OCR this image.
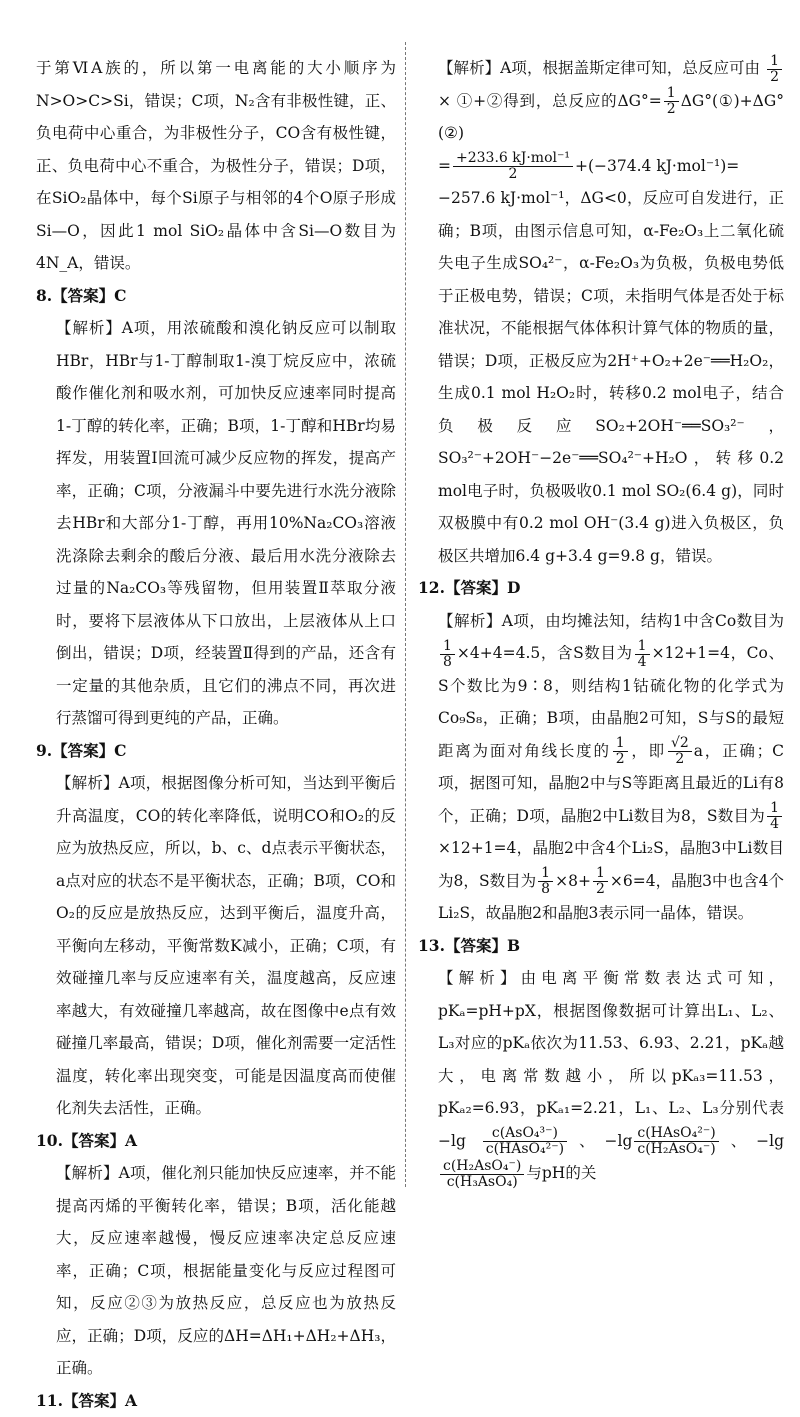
于第ⅥA族的，所以第一电离能的大小顺序为N>O>C>Si，错误；C项，N₂含有非极性键，正、负电荷中心重合，为非极性分子，CO含有极性键，正、负电荷中心不重合，为极性分子，错误；D项，在SiO₂晶体中，每个Si原子与相邻的4个O原子形成Si—O，因此1 mol SiO₂晶体中含Si—O数目为4N_A，错误。

8.【答案】C

【解析】A项，用浓硫酸和溴化钠反应可以制取HBr，HBr与1-丁醇制取1-溴丁烷反应中，浓硫酸作催化剂和吸水剂，可加快反应速率同时提高1-丁醇的转化率，正确；B项，1-丁醇和HBr均易挥发，用装置Ⅰ回流可减少反应物的挥发，提高产率，正确；C项，分液漏斗中要先进行水洗分液除去HBr和大部分1-丁醇，再用10%Na₂CO₃溶液洗涤除去剩余的酸后分液、最后用水洗分液除去过量的Na₂CO₃等残留物，但用装置Ⅱ萃取分液时，要将下层液体从下口放出，上层液体从上口倒出，错误；D项，经装置Ⅱ得到的产品，还含有一定量的其他杂质，且它们的沸点不同，再次进行蒸馏可得到更纯的产品，正确。

9.【答案】C

【解析】A项，根据图像分析可知，当达到平衡后升高温度，CO的转化率降低，说明CO和O₂的反应为放热反应，所以，b、c、d点表示平衡状态，a点对应的状态不是平衡状态，正确；B项，CO和O₂的反应是放热反应，达到平衡后，温度升高，平衡向左移动，平衡常数K减小，正确；C项，有效碰撞几率与反应速率有关，温度越高，反应速率越大，有效碰撞几率越高，故在图像中e点有效碰撞几率最高，错误；D项，催化剂需要一定活性温度，转化率出现突变，可能是因温度高而使催化剂失去活性，正确。

10.【答案】A

【解析】A项，催化剂只能加快反应速率，并不能提高丙烯的平衡转化率，错误；B项，活化能越大，反应速率越慢，慢反应速率决定总反应速率，正确；C项，根据能量变化与反应过程图可知，反应②③为放热反应，总反应也为放热反应，正确；D项，反应的ΔH=ΔH₁+ΔH₂+ΔH₃，正确。

11.【答案】A

【解析】A项，根据盖斯定律可知，总反应可由 $\frac{1}{2}$
× ①+②得到，总反应的$\Delta G^\circ= \frac{1}{2}$ ΔG°(①)+ΔG°(②)

= $\frac{\text{+233.6 kJ·mol⁻¹}}{2} +(-374.4$ kJ·mol⁻¹)=

−257.6 kJ·mol⁻¹，ΔG<0，反应可自发进行，正确；B项，由图示信息可知，α-Fe₂O₃上二氧化硫失电子生成SO₄²⁻，α-Fe₂O₃为负极，负极电势低于正极电势，错误；C项，未指明气体是否处于标准状况，不能根据气体体积计算气体的物质的量，错误；D项，正极反应为2H⁺+O₂+2e⁻══H₂O₂，生成0.1 mol H₂O₂时，转移0.2 mol电子，结合负极反应SO₂+2OH⁻══SO₃²⁻，SO₃²⁻+2OH⁻−2e⁻══SO₄²⁻+H₂O，转移0.2 mol电子时，负极吸收0.1 mol SO₂(6.4 g)，同时双极膜中有0.2 mol OH⁻(3.4 g)进入负极区，负极区共增加6.4 g+3.4 g=9.8 g，错误。

12.【答案】D

【解析】A项，由均摊法知，结构1中含Co数目为
$\frac{1}{8} \times 4+4=4.5$，含S数目为 $\frac{1}{4} \times 12+1=4$，Co、S个数比为9∶8，则结构1钴硫化物的化学式为Co₉S₈，正确；B项，由晶胞2可知，S与S的最短距离为面对角线长度的 $\frac{1}{2}$ ，即 $\frac{√2}{2}$ a，正确；C项，据图可知，晶胞2中与S等距离且最近的Li有8个，正确；D项，晶胞2中Li数目为8，S数目为 $\frac{1}{4}$
×12+1=4，晶胞2中含4个Li₂S，晶胞3中Li数目为8，S数目为 $\frac{1}{8} \times 8+ \frac{1}{2} \times 6=4$，晶胞3中也含4个Li₂S，故晶胞2和晶胞3表示同一晶体，错误。

13.【答案】B

【解析】由电离平衡常数表达式可知，pKₐ=pH+pX，根据图像数据可计算出L₁、L₂、L₃对应的pKₐ依次为11.53、6.93、2.21，pKₐ越大，电离常数越小，所以pKₐ₃=11.53，pKₐ₂=6.93，pKₐ₁=2.21，L₁、L₂、L₃分别代表$-\lg \frac{\text{c(AsO₄³⁻)}}{\text{c(HAsO₄²⁻)}}$ 、$-\lg \frac{\text{c(HAsO₄²⁻)}}{\text{c(H₂AsO₄⁻)}}$ 、−lg
$\frac{\text{c(H₂AsO₄⁻)}}{\text{c(H₃AsO₄)}}$ 与pH的关
